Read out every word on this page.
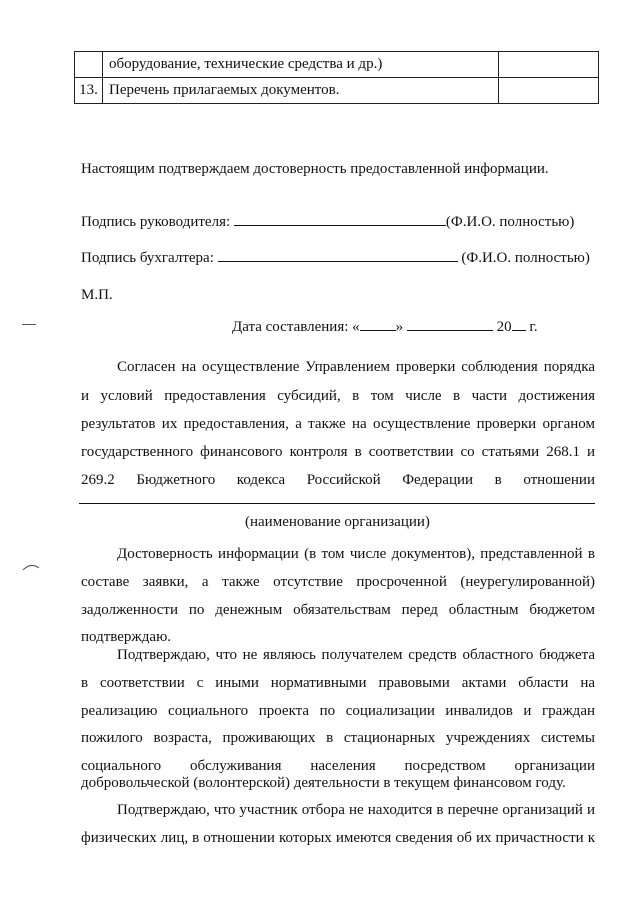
	оборудование, технические средства и др.)	
13.	Перечень прилагаемых документов.	
Настоящим подтверждаем достоверность предоставленной информации.
Подпись руководителя:	(Ф.И.О. полностью)
Подпись бухгалтера:	(Ф.И.О. полностью)
М.П.
Дата составления: « »	20 г.
Согласен на осуществление Управлением проверки соблюдения порядка
и условий предоставления субсидий, в том числе в части достижения
результатов их предоставления, а также на осуществление проверки органом
государственного финансового контроля в соответствии со статьями 268.1 и
269.2 Бюджетного кодекса Российской Федерации в отношении
(наименование организации)
Достоверность информации (в том числе документов), представленной в
составе заявки, а также отсутствие просроченной (неурегулированной)
задолженности по денежным обязательствам перед областным бюджетом
подтверждаю.
Подтверждаю, что не являюсь получателем средств областного бюджета
в соответствии с иными нормативными правовыми актами области на
реализацию социального проекта по социализации инвалидов и граждан
пожилого возраста, проживающих в стационарных учреждениях системы
социального обслуживания населения посредством организации
добровольческой (волонтерской) деятельности в текущем финансовом году.
Подтверждаю, что участник отбора не находится в перечне организаций и
физических лиц, в отношении которых имеются сведения об их причастности к
